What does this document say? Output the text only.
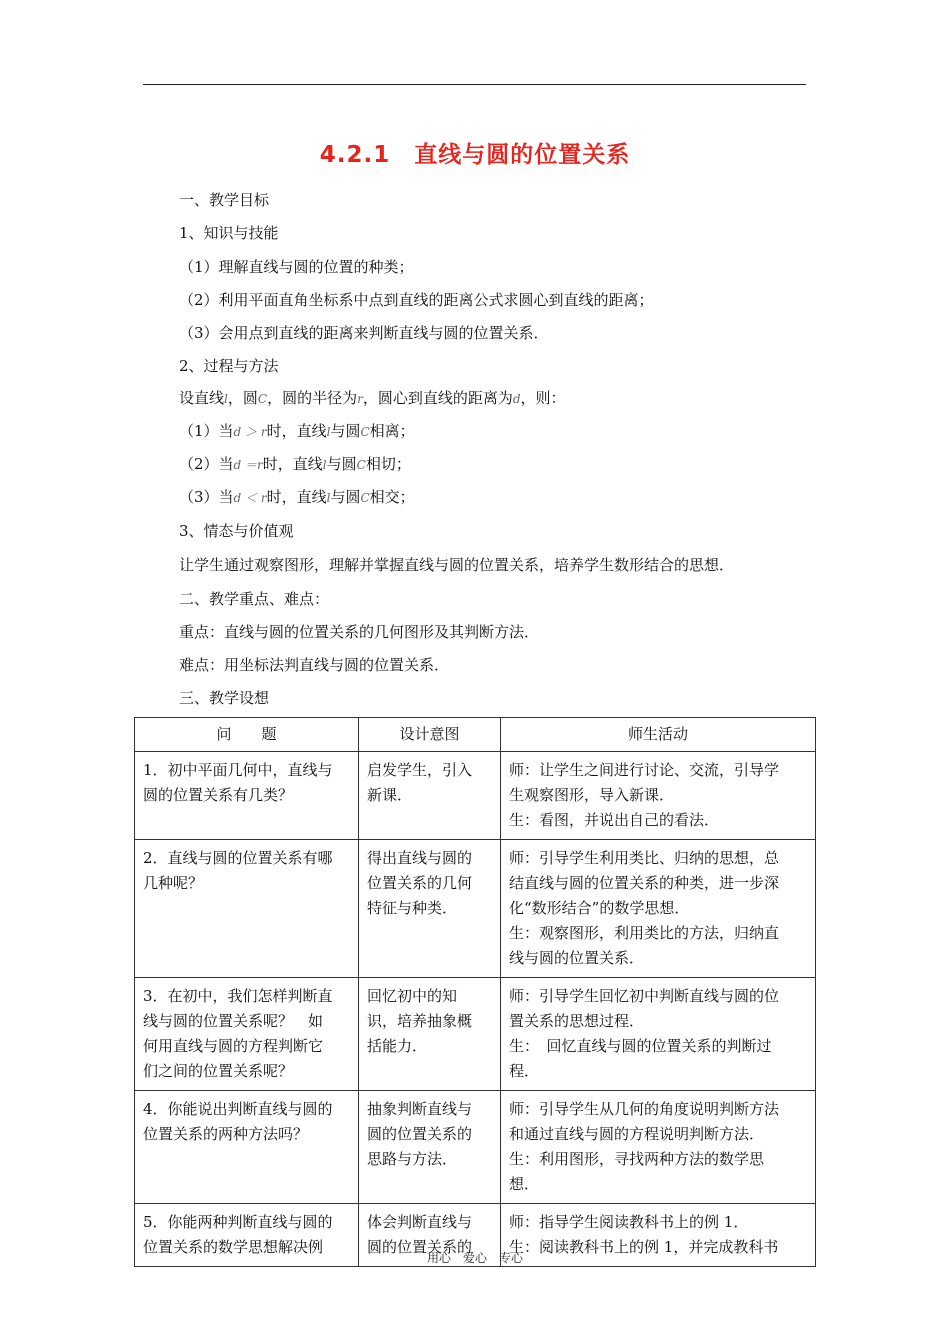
4.2.1　直线与圆的位置关系
一、教学目标
1、知识与技能
（1）理解直线与圆的位置的种类；
（2）利用平面直角坐标系中点到直线的距离公式求圆心到直线的距离；
（3）会用点到直线的距离来判断直线与圆的位置关系．
2、过程与方法
设直线l，圆C，圆的半径为r，圆心到直线的距离为d，则：
（1）当d ＞ r时，直线l与圆C相离；
（2）当d ＝r时，直线l与圆C相切；
（3）当d ＜ r时，直线l与圆C相交；
3、情态与价值观
让学生通过观察图形，理解并掌握直线与圆的位置关系，培养学生数形结合的思想．
二、教学重点、难点：
重点：直线与圆的位置关系的几何图形及其判断方法．
难点：用坐标法判直线与圆的位置关系．
三、教学设想
问　　题	设计意图	师生活动

1．初中平面几何中，直线与
圆的位置关系有几类？	启发学生，引入
新课．	师：让学生之间进行讨论、交流，引导学
生观察图形，导入新课．
生：看图，并说出自己的看法．

2．直线与圆的位置关系有哪
几种呢？	得出直线与圆的
位置关系的几何
特征与种类．	师：引导学生利用类比、归纳的思想，总
结直线与圆的位置关系的种类，进一步深
化“数形结合”的数学思想．
生：观察图形，利用类比的方法，归纳直
线与圆的位置关系．

3．在初中，我们怎样判断直
线与圆的位置关系呢？　如
何用直线与圆的方程判断它
们之间的位置关系呢？	回忆初中的知
识，培养抽象概
括能力．	师：引导学生回忆初中判断直线与圆的位
置关系的思想过程．
生：　回忆直线与圆的位置关系的判断过
程．

4．你能说出判断直线与圆的
位置关系的两种方法吗？	抽象判断直线与
圆的位置关系的
思路与方法．	师：引导学生从几何的角度说明判断方法
和通过直线与圆的方程说明判断方法．
生：利用图形，寻找两种方法的数学思
想．

5．你能两种判断直线与圆的
位置关系的数学思想解决例	体会判断直线与
圆的位置关系的	师：指导学生阅读教科书上的例 1．
生：阅读教科书上的例 1，并完成教科书
用心　爱心　专心
